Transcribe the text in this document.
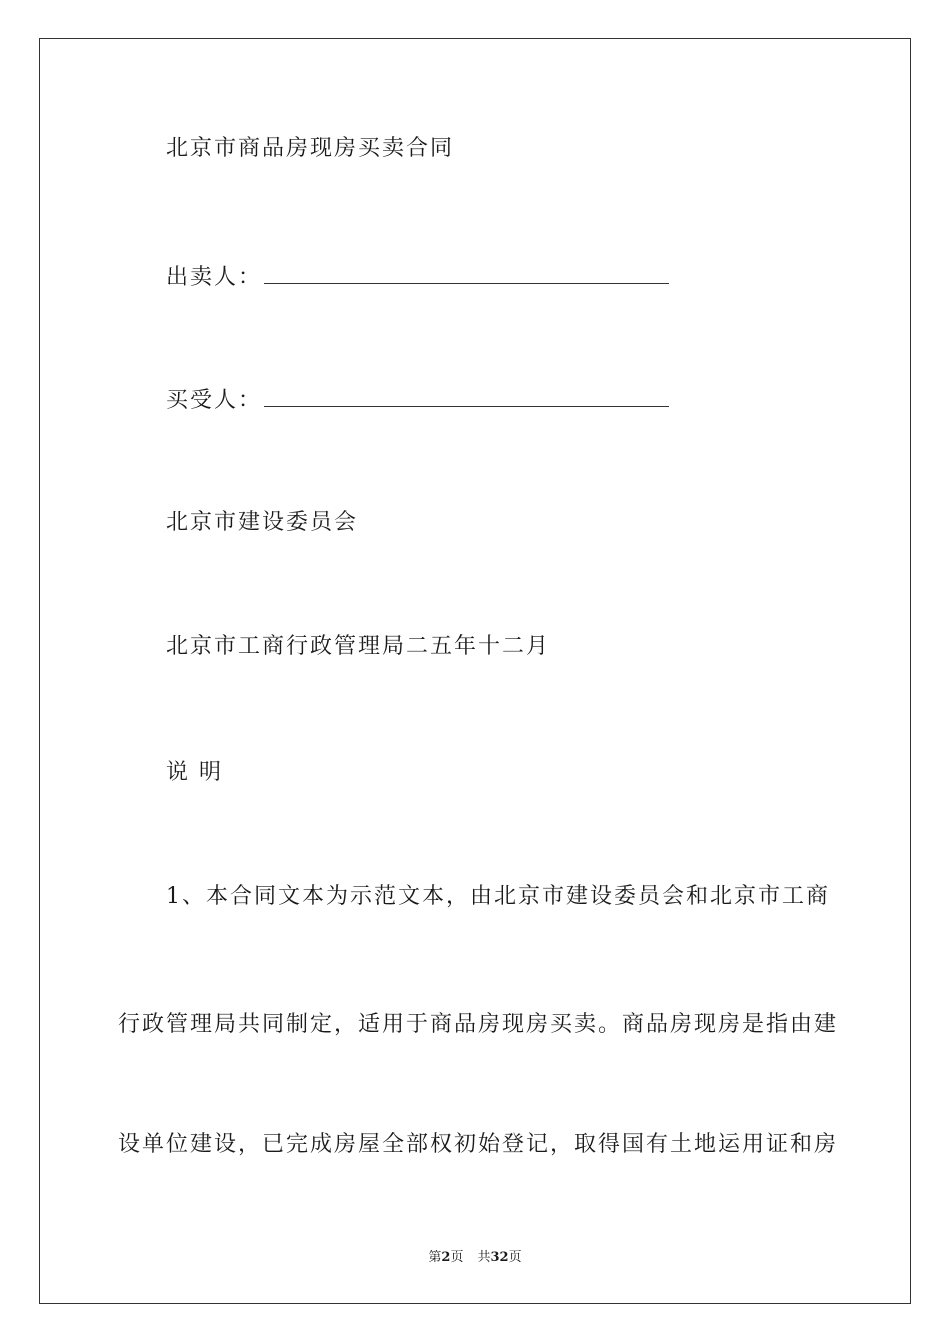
北京市商品房现房买卖合同
出卖人：
买受人：
北京市建设委员会
北京市工商行政管理局二五年十二月
说 明
1、本合同文本为示范文本，由北京市建设委员会和北京市工商
行政管理局共同制定，适用于商品房现房买卖。商品房现房是指由建
设单位建设，已完成房屋全部权初始登记，取得国有土地运用证和房
第2页 共32页
